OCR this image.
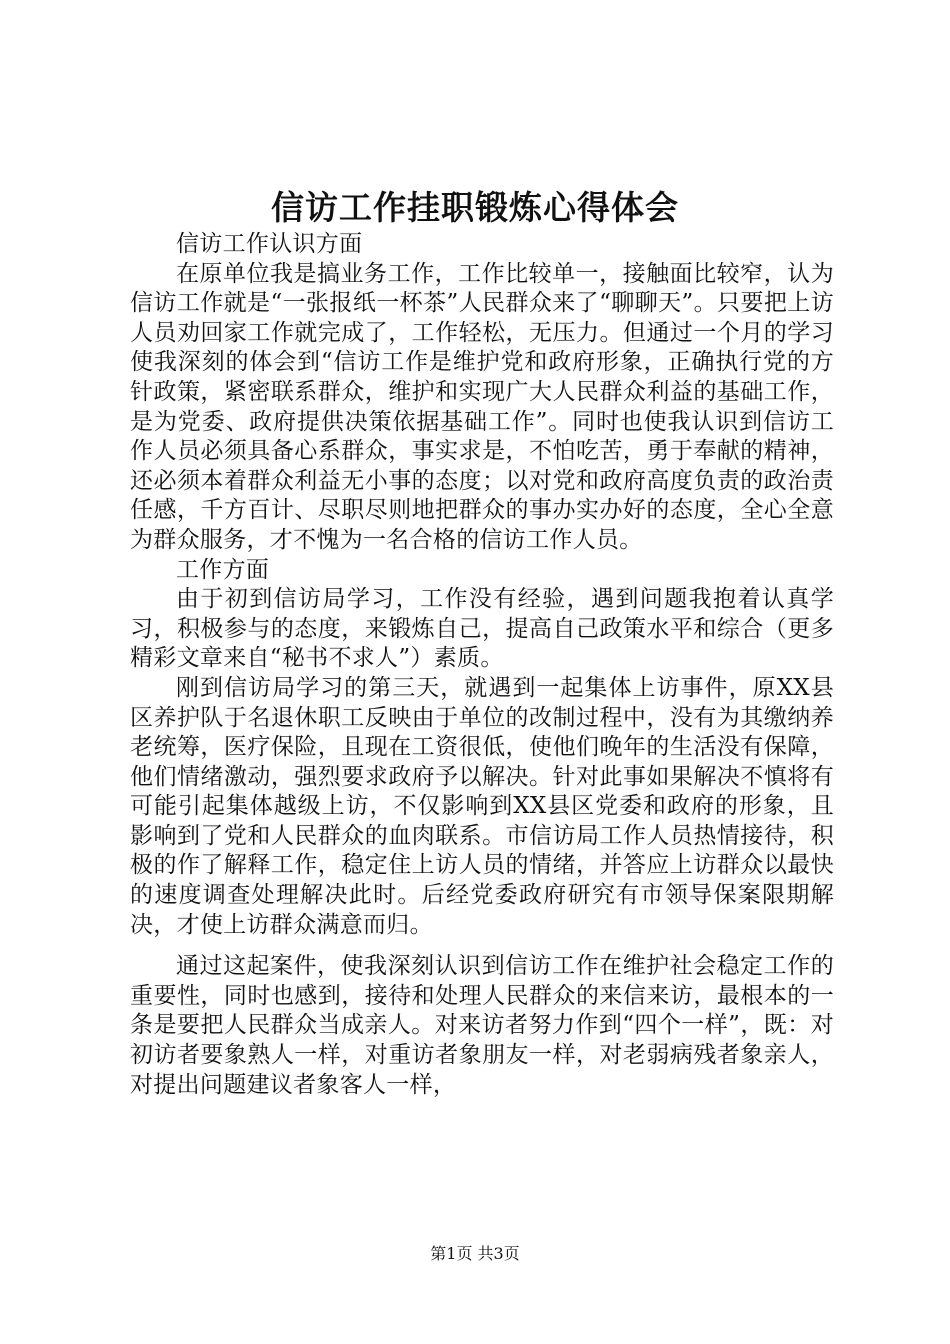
信访工作挂职锻炼心得体会

信访工作认识方面

在原单位我是搞业务工作，工作比较单一，接触面比较窄，认为信访工作就是“一张报纸一杯茶”人民群众来了“聊聊天”。只要把上访人员劝回家工作就完成了，工作轻松，无压力。但通过一个月的学习使我深刻的体会到“信访工作是维护党和政府形象，正确执行党的方针政策，紧密联系群众，维护和实现广大人民群众利益的基础工作，是为党委、政府提供决策依据基础工作”。同时也使我认识到信访工作人员必须具备心系群众，事实求是，不怕吃苦，勇于奉献的精神，还必须本着群众利益无小事的态度；以对党和政府高度负责的政治责任感，千方百计、尽职尽则地把群众的事办实办好的态度，全心全意为群众服务，才不愧为一名合格的信访工作人员。

工作方面

由于初到信访局学习，工作没有经验，遇到问题我抱着认真学习，积极参与的态度，来锻炼自己，提高自己政策水平和综合（更多精彩文章来自“秘书不求人”）素质。

刚到信访局学习的第三天，就遇到一起集体上访事件，原XX县区养护队于名退休职工反映由于单位的改制过程中，没有为其缴纳养老统筹，医疗保险，且现在工资很低，使他们晚年的生活没有保障，他们情绪激动，强烈要求政府予以解决。针对此事如果解决不慎将有可能引起集体越级上访，不仅影响到XX县区党委和政府的形象，且影响到了党和人民群众的血肉联系。市信访局工作人员热情接待，积极的作了解释工作，稳定住上访人员的情绪，并答应上访群众以最快的速度调查处理解决此时。后经党委政府研究有市领导保案限期解决，才使上访群众满意而归。

通过这起案件，使我深刻认识到信访工作在维护社会稳定工作的重要性，同时也感到，接待和处理人民群众的来信来访，最根本的一条是要把人民群众当成亲人。对来访者努力作到“四个一样”，既：对初访者要象熟人一样，对重访者象朋友一样，对老弱病残者象亲人，对提出问题建议者象客人一样，

第1页 共3页
